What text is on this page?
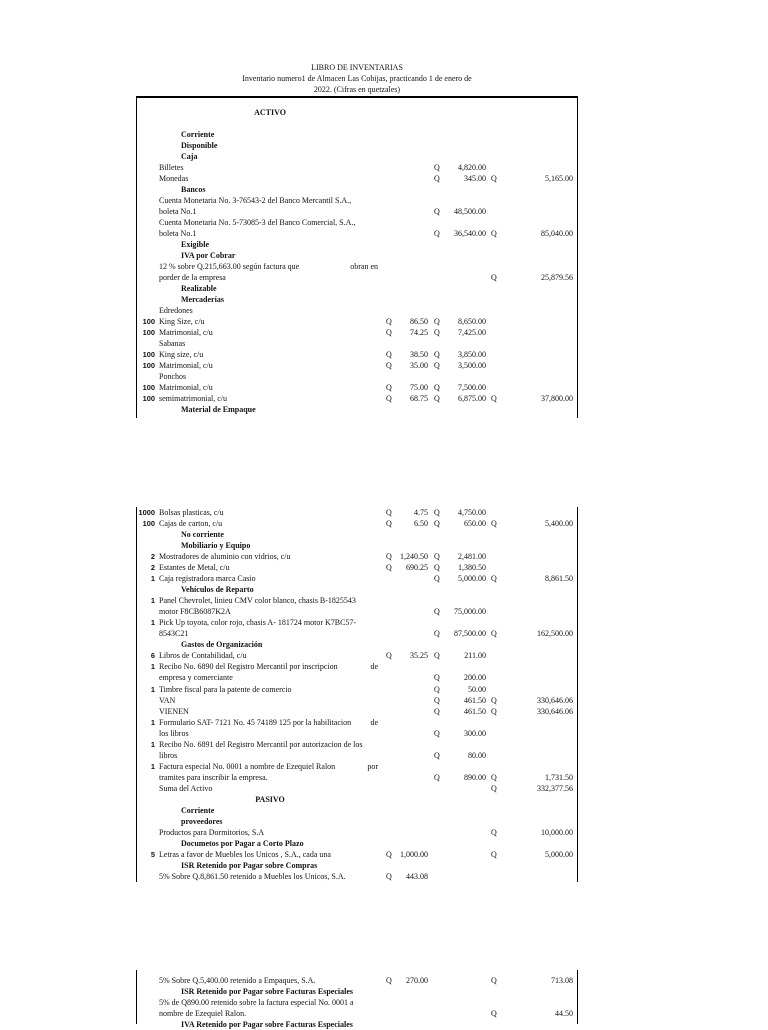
LIBRO DE INVENTARIAS
Inventario numero1 de Almacen Las Cobijas, practicando 1 de enero de
2022. (Cifras en quetzales)
ACTIVO
Corriente
Disponible
Caja
Billetes	Q	4,820.00
Monedas	Q	345.00 Q	5,165.00
Bancos
Cuenta Monetaria No. 3-76543-2 del Banco Mercantil S.A.,
boleta No.1	Q	48,500.00
Cuenta Monetaria No. 5-73085-3 del Banco Comercial, S.A.,
boleta No.1	Q	36,540.00 Q	85,040.00
Exigible
IVA por Cobrar
12 % sobre Q.215,663.00 según factura que	obran en
porder de la empresa	Q	25,879.56
Realizable
Mercaderías
Edredones
100 King Size, c/u	Q	86.50 Q	8,650.00
100 Matrimonial, c/u	Q	74.25 Q	7,425.00
Sabanas
100 King size, c/u	Q	38.50 Q	3,850.00
100 Matrimonial, c/u	Q	35.00 Q	3,500.00
Ponchos
100 Matrimonial, c/u	Q	75.00 Q	7,500.00
100 semimatrimonial, c/u	Q	68.75 Q	6,875.00 Q	37,800.00
Material de Empaque
1000 Bolsas plasticas, c/u	Q	4.75 Q	4,750.00
100 Cajas de carton, c/u	Q	6.50 Q	650.00 Q	5,400.00
No corriente
Mobiliario y Equipo
2 Mostradores de aluminio con vidrios, c/u	Q	1,240.50 Q	2,481.00
2 Estantes de Metal, c/u	Q	690.25 Q	1,380.50
1 Caja registradora marca Casio	Q	5,000.00 Q	8,861.50
Vehículos de Reparto
1 Panel Chevrolet, linieu CMV color blanco, chasis B-1825543
motor F8CB6087K2A	Q	75,000.00
1 Pick Up toyota, color rojo, chasis A- 181724 motor K7BC57-
8543C21	Q	87,500.00 Q	162,500.00
Gastos de Organización
6 Libros de Contabilidad, c/u	Q	35.25 Q	211.00
1 Recibo No. 6890 del Registro Mercantil por inscripcion	de
empresa y comerciante	Q	200.00
1 Timbre fiscal para la patente de comercio	Q	50.00
VAN	Q	461.50 Q	330,646.06
VIENEN	Q	461.50 Q	330,646.06
1 Formulario SAT- 7121 No. 45 74189 125 por la habilitacion	de
los libros	Q	300.00
1 Recibo No. 6891 del Registro Mercantil por autorizacion de los
libros	Q	80.00
1 Factura especial No. 0001 a nombre de Ezequiel Ralon	por
tramites para inscribir la empresa.	Q	890.00 Q	1,731.50
Suma del Activo	Q	332,377.56
PASIVO
Corriente
proveedores
Productos para Dormitorios, S.A	Q	10,000.00
Documetos por Pagar a Corto Plazo
5 Letras a favor de Muebles los Unicos , S.A., cada una	Q	1,000.00	Q	5,000.00
ISR Retenido por Pagar sobre Compras
5% Sobre Q.8,861.50 retenido a Muebles los Unicos, S.A.	Q	443.08
5% Sobre Q.5,400.00 retenido a Empaques, S.A.	Q	270.00	Q	713.08
ISR Retenido por Pagar sobre Facturas Especiales
5% de Q890.00 retenido sobre la factura especial No. 0001 a
nombre de Ezequiel Ralon.	Q	44.50
IVA Retenido por Pagar sobre Facturas Especiales
